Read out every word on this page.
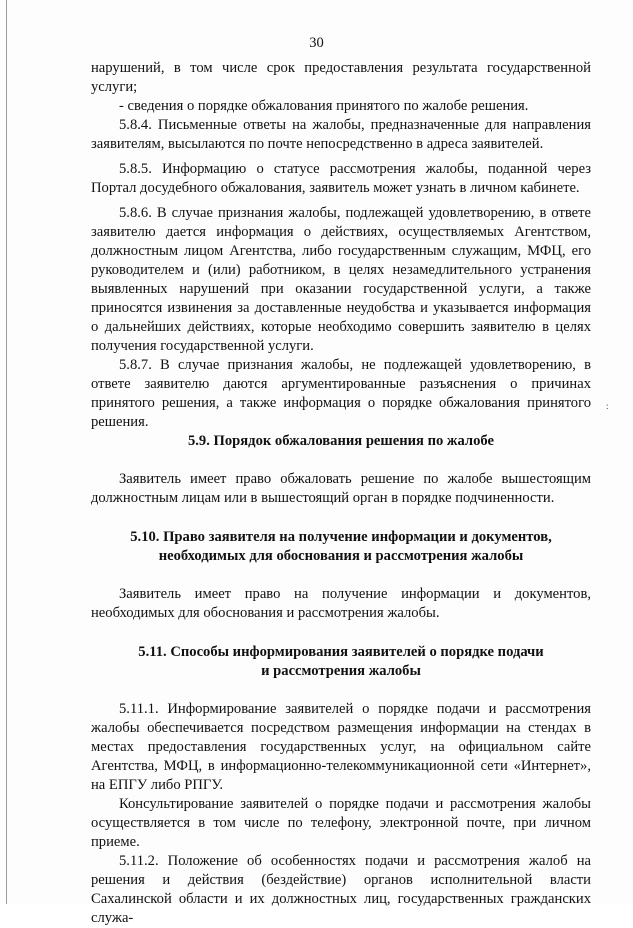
30

нарушений, в том числе срок предоставления результата государственной услуги;

- сведения о порядке обжалования принятого по жалобе решения.

5.8.4. Письменные ответы на жалобы, предназначенные для направления заявителям, высылаются по почте непосредственно в адреса заявителей.

5.8.5. Информацию о статусе рассмотрения жалобы, поданной через Портал досудебного обжалования, заявитель может узнать в личном кабинете.

5.8.6. В случае признания жалобы, подлежащей удовлетворению, в ответе заявителю дается информация о действиях, осуществляемых Агентством, должностным лицом Агентства, либо государственным служащим, МФЦ, его руководителем и (или) работником, в целях незамедлительного устранения выявленных нарушений при оказании государственной услуги, а также приносятся извинения за доставленные неудобства и указывается информация о дальнейших действиях, которые необходимо совершить заявителю в целях получения государственной услуги.

5.8.7. В случае признания жалобы, не подлежащей удовлетворению, в ответе заявителю даются аргументированные разъяснения о причинах принятого решения, а также информация о порядке обжалования принятого решения.

5.9. Порядок обжалования решения по жалобе

Заявитель имеет право обжаловать решение по жалобе вышестоящим должностным лицам или в вышестоящий орган в порядке подчиненности.

5.10. Право заявителя на получение информации и документов,

необходимых для обоснования и рассмотрения жалобы

Заявитель имеет право на получение информации и документов, необходимых для обоснования и рассмотрения жалобы.

5.11. Способы информирования заявителей о порядке подачи

и рассмотрения жалобы

5.11.1. Информирование заявителей о порядке подачи и рассмотрения жалобы обеспечивается посредством размещения информации на стендах в местах предоставления государственных услуг, на официальном сайте Агентства, МФЦ, в информационно-телекоммуникационной сети «Интернет», на ЕПГУ либо РПГУ.

Консультирование заявителей о порядке подачи и рассмотрения жалобы осуществляется в том числе по телефону, электронной почте, при личном приеме.

5.11.2. Положение об особенностях подачи и рассмотрения жалоб на решения и действия (бездействие) органов исполнительной власти Сахалинской области и их должностных лиц, государственных гражданских служа-

:
